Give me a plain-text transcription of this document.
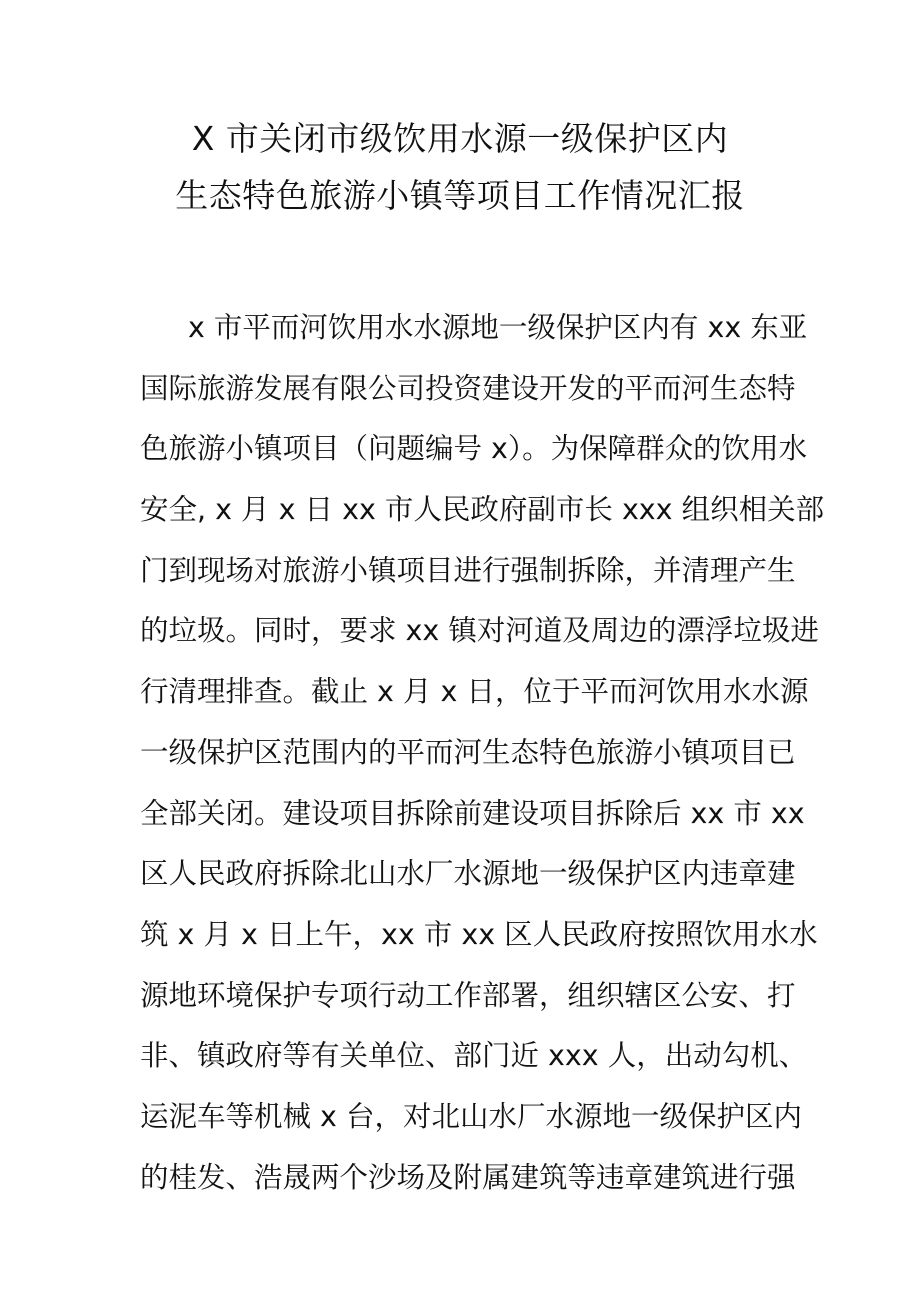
X 市关闭市级饮用水源一级保护区内
生态特色旅游小镇等项目工作情况汇报
x 市平而河饮用水水源地一级保护区内有 xx 东亚
国际旅游发展有限公司投资建设开发的平而河生态特
色旅游小镇项目（问题编号 x）。为保障群众的饮用水
安全, x 月 x 日 xx 市人民政府副市长 xxx 组织相关部
门到现场对旅游小镇项目进行强制拆除，并清理产生
的垃圾。同时，要求 xx 镇对河道及周边的漂浮垃圾进
行清理排查。截止 x 月 x 日，位于平而河饮用水水源
一级保护区范围内的平而河生态特色旅游小镇项目已
全部关闭。建设项目拆除前建设项目拆除后 xx 市 xx
区人民政府拆除北山水厂水源地一级保护区内违章建
筑 x 月 x 日上午，xx 市 xx 区人民政府按照饮用水水
源地环境保护专项行动工作部署，组织辖区公安、打
非、镇政府等有关单位、部门近 xxx 人，出动勾机、
运泥车等机械 x 台，对北山水厂水源地一级保护区内
的桂发、浩晟两个沙场及附属建筑等违章建筑进行强
